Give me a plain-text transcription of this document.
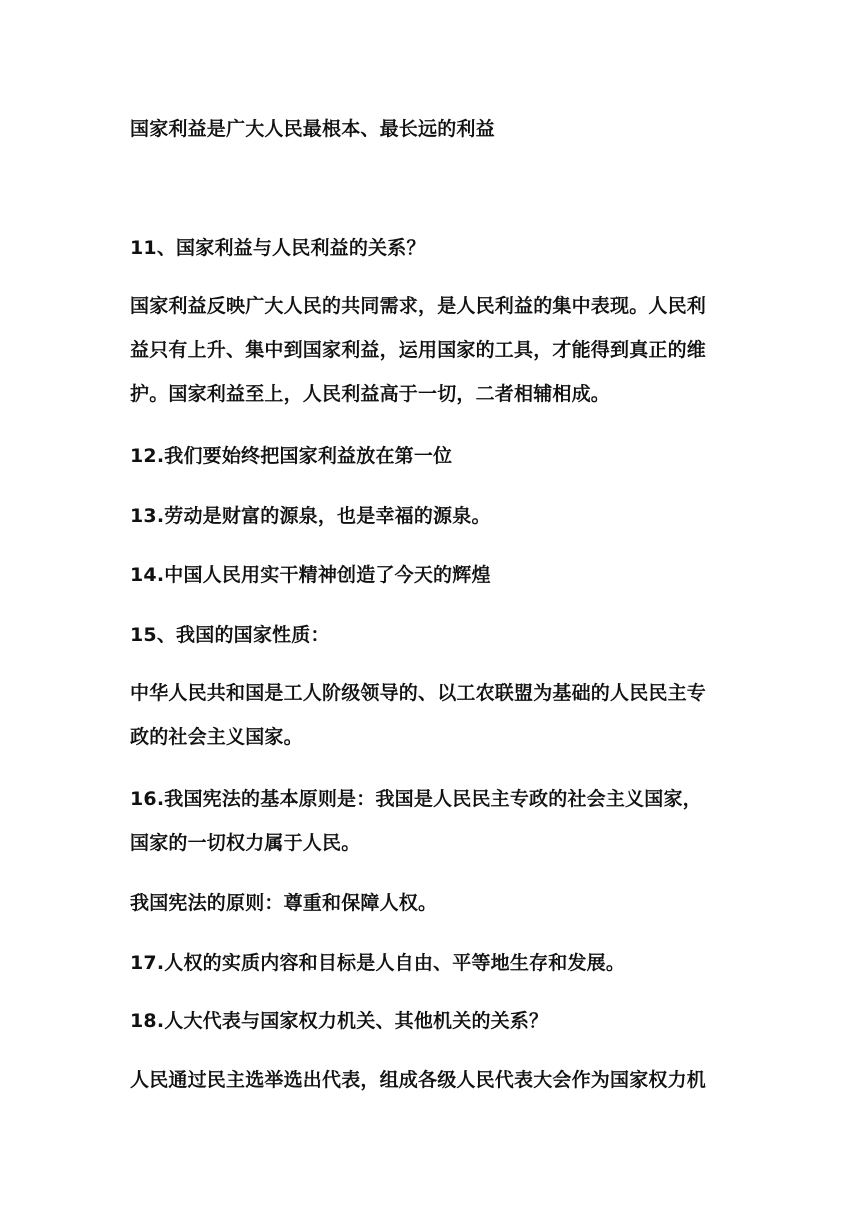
国家利益是广大人民最根本、最长远的利益

11、国家利益与人民利益的关系？

国家利益反映广大人民的共同需求，是人民利益的集中表现。人民利
益只有上升、集中到国家利益，运用国家的工具，才能得到真正的维
护。国家利益至上，人民利益高于一切，二者相辅相成。

12.我们要始终把国家利益放在第一位

13.劳动是财富的源泉，也是幸福的源泉。

14.中国人民用实干精神创造了今天的辉煌

15、我国的国家性质：

中华人民共和国是工人阶级领导的、以工农联盟为基础的人民民主专
政的社会主义国家。

16.我国宪法的基本原则是：我国是人民民主专政的社会主义国家，
国家的一切权力属于人民。

我国宪法的原则：尊重和保障人权。

17.人权的实质内容和目标是人自由、平等地生存和发展。

18.人大代表与国家权力机关、其他机关的关系？

人民通过民主选举选出代表，组成各级人民代表大会作为国家权力机
